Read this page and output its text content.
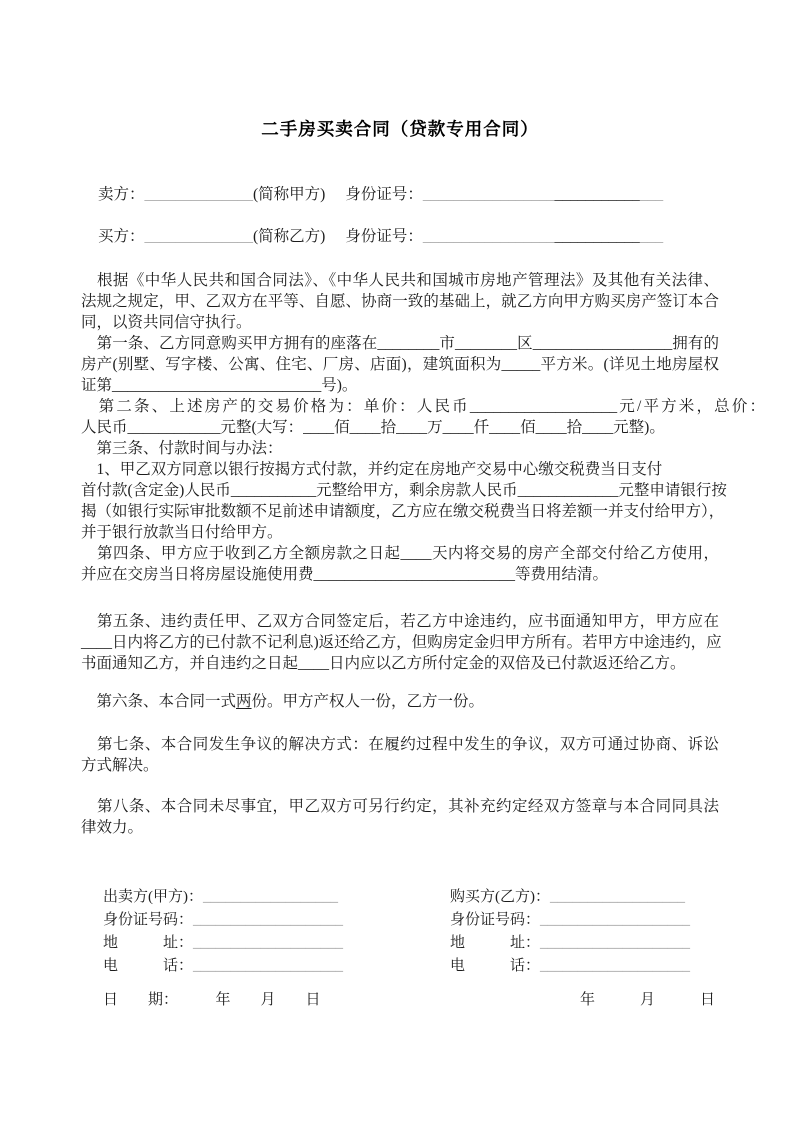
二手房买卖合同（贷款专用合同）
卖方：______________(简称甲方) 身份证号：_______________________________
买方：______________(简称乙方) 身份证号：_______________________________
　根据《中华人民共和国合同法》、《中华人民共和国城市房地产管理法》及其他有关法律、
法规之规定，甲、乙双方在平等、自愿、协商一致的基础上，就乙方向甲方购买房产签订本合
同，以资共同信守执行。
　第一条、乙方同意购买甲方拥有的座落在________市________区__________________拥有的
房产(别墅、写字楼、公寓、住宅、厂房、店面)，建筑面积为_____平方米。(详见土地房屋权
证第___________________________号)。
　第二条、上述房产的交易价格为：单价：人民币___________________元/平方米，总价：
人民币____________元整(大写：____佰____拾____万____仟____佰____拾____元整)。
　第三条、付款时间与办法：
　1、甲乙双方同意以银行按揭方式付款，并约定在房地产交易中心缴交税费当日支付
首付款(含定金)人民币___________元整给甲方，剩余房款人民币_____________元整申请银行按
揭（如银行实际审批数额不足前述申请额度，乙方应在缴交税费当日将差额一并支付给甲方），
并于银行放款当日付给甲方。
　第四条、甲方应于收到乙方全额房款之日起____天内将交易的房产全部交付给乙方使用，
并应在交房当日将房屋设施使用费__________________________等费用结清。
　第五条、违约责任甲、乙双方合同签定后，若乙方中途违约，应书面通知甲方，甲方应在
____日内将乙方的已付款不记利息)返还给乙方，但购房定金归甲方所有。若甲方中途违约，应
书面通知乙方，并自违约之日起____日内应以乙方所付定金的双倍及已付款返还给乙方。
　第六条、本合同一式两份。甲方产权人一份，乙方一份。
　第七条、本合同发生争议的解决方式：在履约过程中发生的争议，双方可通过协商、诉讼
方式解决。
　第八条、本合同未尽事宜，甲乙双方可另行约定，其补充约定经双方签章与本合同同具法
律效力。
出卖方(甲方)：__________________
身份证号码：____________________
地　　　址：____________________
电　　　话：____________________
购买方(乙方)：__________________
身份证号码：____________________
地　　　址：____________________
电　　　话：____________________
日　　期：　　　年　　月　　日	年　　　月　　　日
